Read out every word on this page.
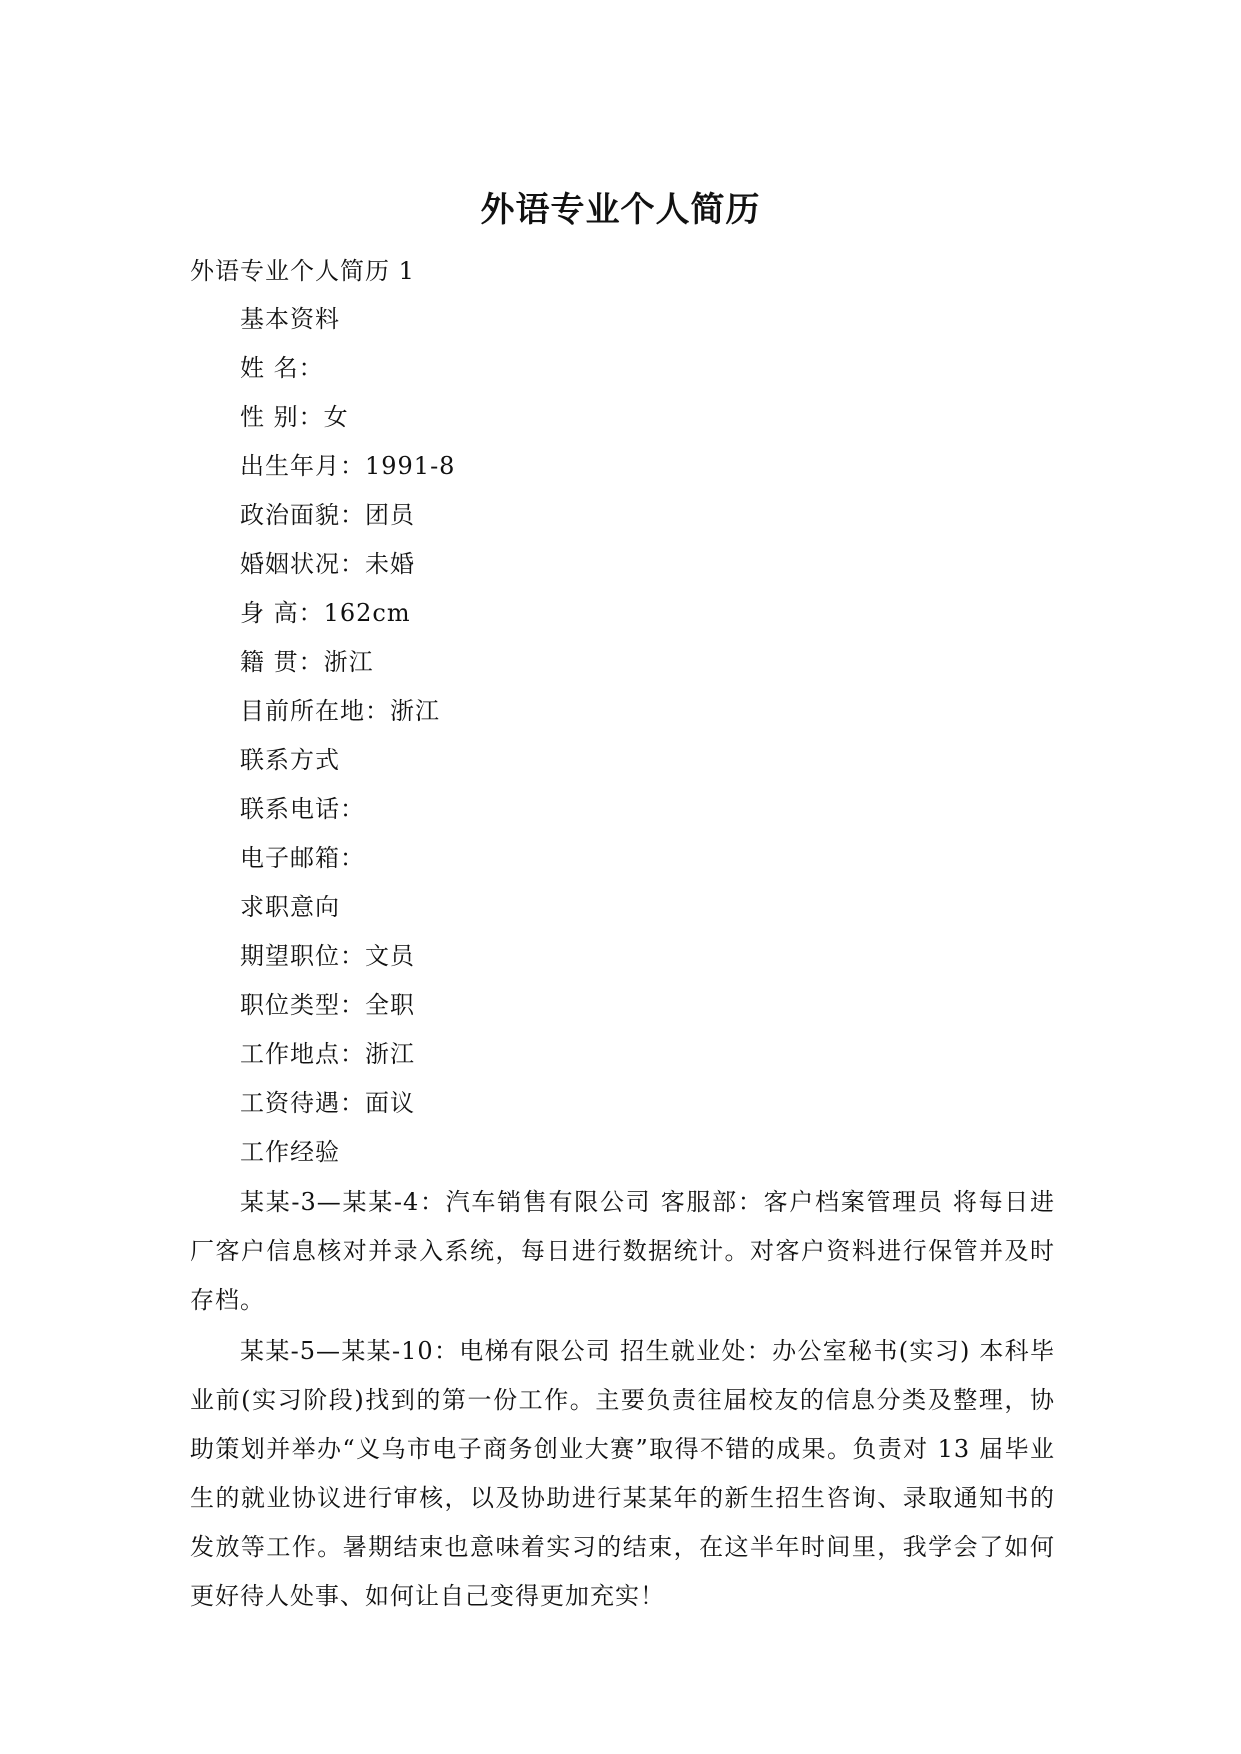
外语专业个人简历
外语专业个人简历 1
基本资料
姓 名：
性 别：女
出生年月：1991-8
政治面貌：团员
婚姻状况：未婚
身 高：162cm
籍 贯：浙江
目前所在地：浙江
联系方式
联系电话：
电子邮箱：
求职意向
期望职位：文员
职位类型：全职
工作地点：浙江
工资待遇：面议
工作经验

某某-3—某某-4：汽车销售有限公司 客服部：客户档案管理员 将每日进厂客户信息核对并录入系统，每日进行数据统计。对客户资料进行保管并及时存档。

某某-5—某某-10：电梯有限公司 招生就业处：办公室秘书(实习) 本科毕业前(实习阶段)找到的第一份工作。主要负责往届校友的信息分类及整理，协助策划并举办“义乌市电子商务创业大赛”取得不错的成果。负责对 13 届毕业生的就业协议进行审核，以及协助进行某某年的新生招生咨询、录取通知书的发放等工作。暑期结束也意味着实习的结束，在这半年时间里，我学会了如何更好待人处事、如何让自己变得更加充实！
